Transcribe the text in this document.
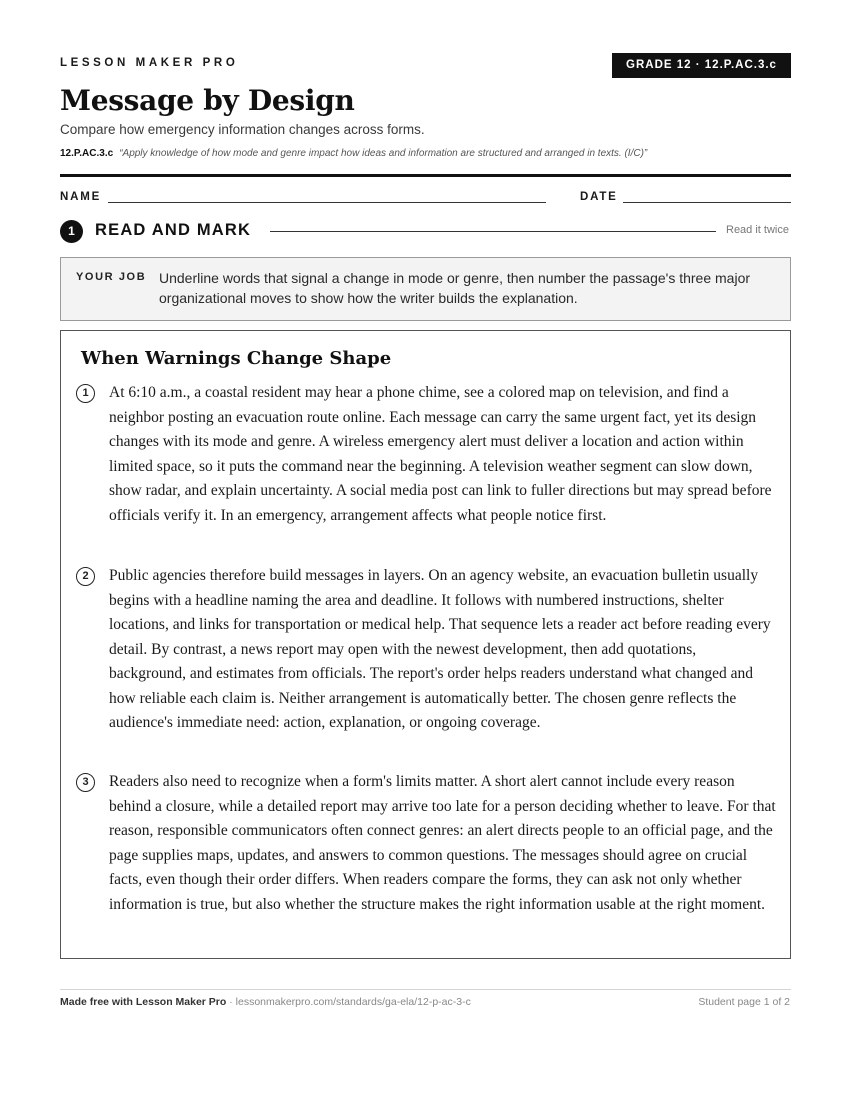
LESSON MAKER PRO	GRADE 12 · 12.P.AC.3.c
Message by Design
Compare how emergency information changes across forms.
12.P.AC.3.c “Apply knowledge of how mode and genre impact how ideas and information are structured and arranged in texts. (I/C)”
NAME	DATE
1	READ AND MARK	Read it twice
YOUR JOB Underline words that signal a change in mode or genre, then number the passage's three major organizational moves to show how the writer builds the explanation.
When Warnings Change Shape
1	At 6:10 a.m., a coastal resident may hear a phone chime, see a colored map on television, and find a neighbor posting an evacuation route online. Each message can carry the same urgent fact, yet its design changes with its mode and genre. A wireless emergency alert must deliver a location and action within limited space, so it puts the command near the beginning. A television weather segment can slow down, show radar, and explain uncertainty. A social media post can link to fuller directions but may spread before officials verify it. In an emergency, arrangement affects what people notice first.

2	Public agencies therefore build messages in layers. On an agency website, an evacuation bulletin usually begins with a headline naming the area and deadline. It follows with numbered instructions, shelter locations, and links for transportation or medical help. That sequence lets a reader act before reading every detail. By contrast, a news report may open with the newest development, then add quotations, background, and estimates from officials. The report's order helps readers understand what changed and how reliable each claim is. Neither arrangement is automatically better. The chosen genre reflects the audience's immediate need: action, explanation, or ongoing coverage.

3	Readers also need to recognize when a form's limits matter. A short alert cannot include every reason behind a closure, while a detailed report may arrive too late for a person deciding whether to leave. For that reason, responsible communicators often connect genres: an alert directs people to an official page, and the page supplies maps, updates, and answers to common questions. The messages should agree on crucial facts, even though their order differs. When readers compare the forms, they can ask not only whether information is true, but also whether the structure makes the right information usable at the right moment.

Made free with Lesson Maker Pro · lessonmakerpro.com/standards/ga-ela/12-p-ac-3-c	Student page 1 of 2
